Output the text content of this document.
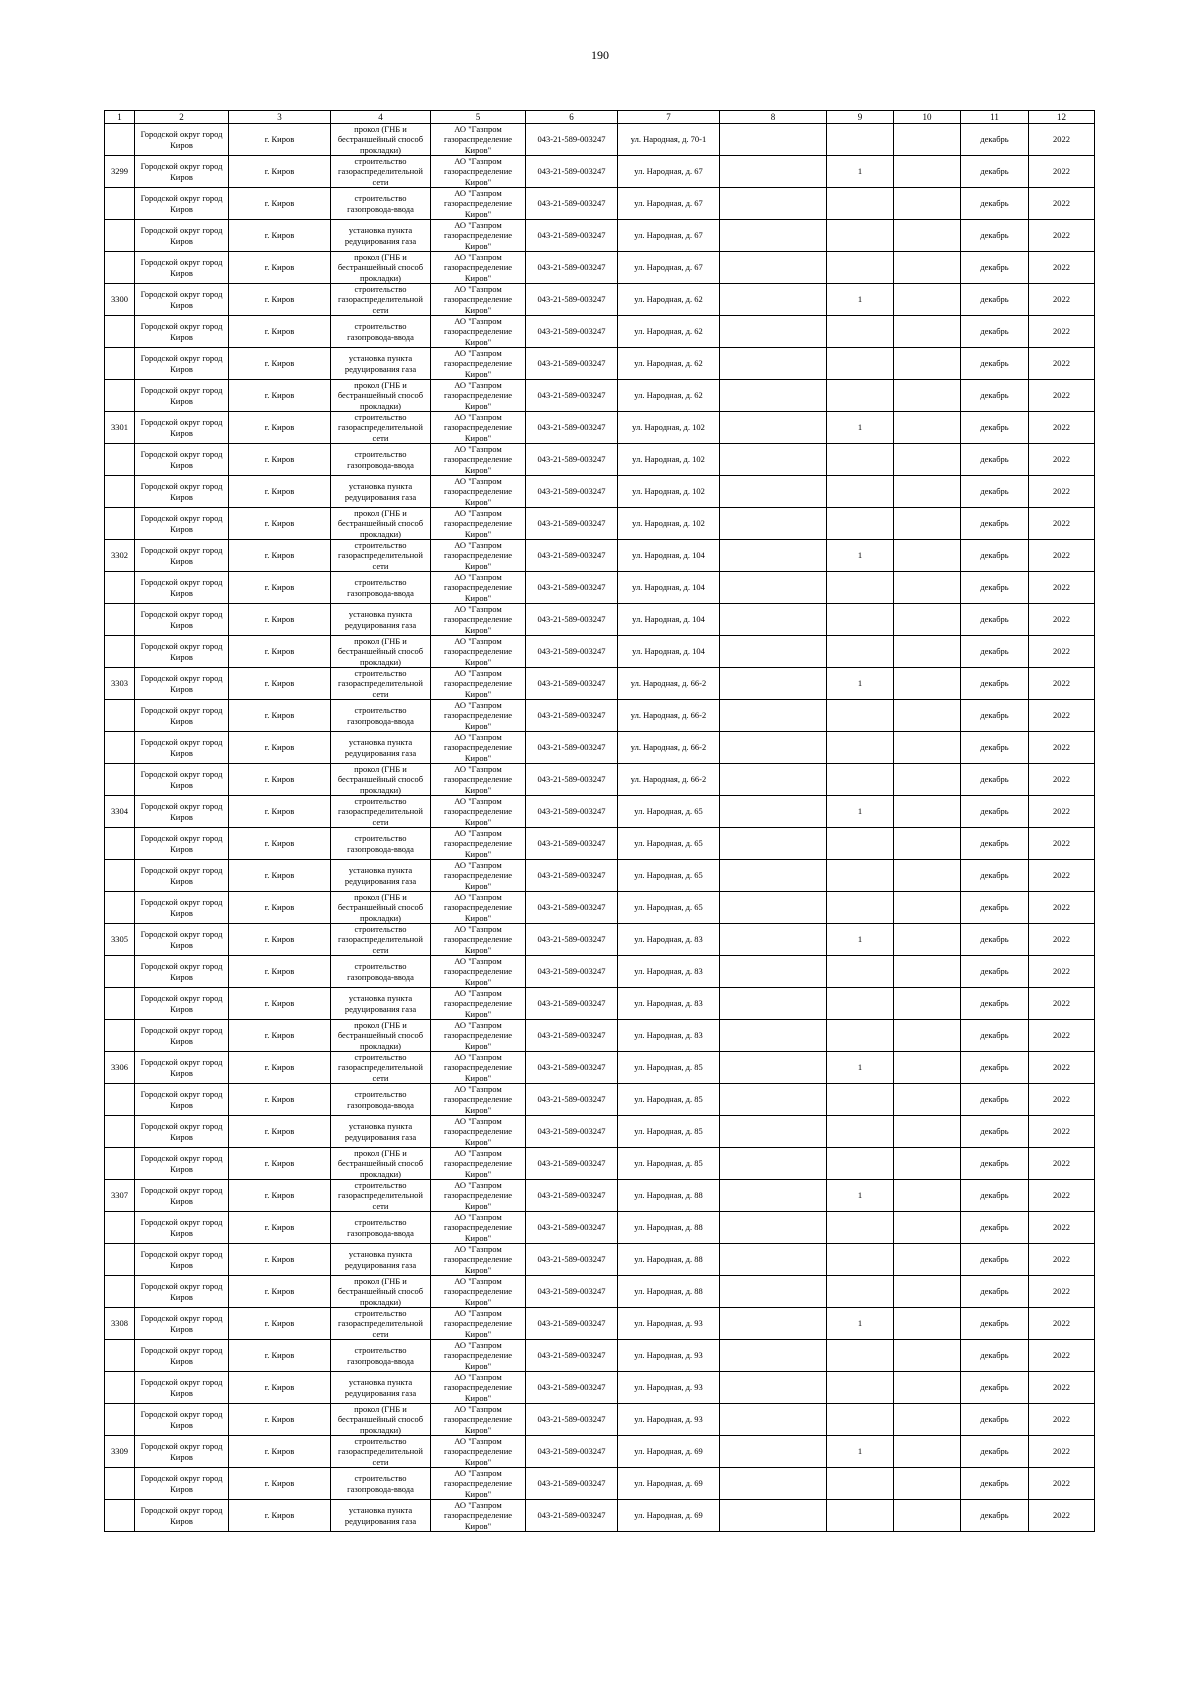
190
1	2	3	4	5	6	7	8	9	10	11	12

	Городской округ город Киров	г. Киров	прокол (ГНБ и бестраншейный способ прокладки)	АО "Газпром газораспределение Киров"	043-21-589-003247	ул. Народная, д. 70-1				декабрь	2022

3299	Городской округ город Киров	г. Киров	строительство газораспределительной сети	АО "Газпром газораспределение Киров"	043-21-589-003247	ул. Народная, д. 67		1		декабрь	2022

	Городской округ город Киров	г. Киров	строительство газопровода-ввода	АО "Газпром газораспределение Киров"	043-21-589-003247	ул. Народная, д. 67				декабрь	2022

	Городской округ город Киров	г. Киров	установка пункта редуцирования газа	АО "Газпром газораспределение Киров"	043-21-589-003247	ул. Народная, д. 67				декабрь	2022

	Городской округ город Киров	г. Киров	прокол (ГНБ и бестраншейный способ прокладки)	АО "Газпром газораспределение Киров"	043-21-589-003247	ул. Народная, д. 67				декабрь	2022

3300	Городской округ город Киров	г. Киров	строительство газораспределительной сети	АО "Газпром газораспределение Киров"	043-21-589-003247	ул. Народная, д. 62		1		декабрь	2022

	Городской округ город Киров	г. Киров	строительство газопровода-ввода	АО "Газпром газораспределение Киров"	043-21-589-003247	ул. Народная, д. 62				декабрь	2022

	Городской округ город Киров	г. Киров	установка пункта редуцирования газа	АО "Газпром газораспределение Киров"	043-21-589-003247	ул. Народная, д. 62				декабрь	2022

	Городской округ город Киров	г. Киров	прокол (ГНБ и бестраншейный способ прокладки)	АО "Газпром газораспределение Киров"	043-21-589-003247	ул. Народная, д. 62				декабрь	2022

3301	Городской округ город Киров	г. Киров	строительство газораспределительной сети	АО "Газпром газораспределение Киров"	043-21-589-003247	ул. Народная, д. 102		1		декабрь	2022

	Городской округ город Киров	г. Киров	строительство газопровода-ввода	АО "Газпром газораспределение Киров"	043-21-589-003247	ул. Народная, д. 102				декабрь	2022

	Городской округ город Киров	г. Киров	установка пункта редуцирования газа	АО "Газпром газораспределение Киров"	043-21-589-003247	ул. Народная, д. 102				декабрь	2022

	Городской округ город Киров	г. Киров	прокол (ГНБ и бестраншейный способ прокладки)	АО "Газпром газораспределение Киров"	043-21-589-003247	ул. Народная, д. 102				декабрь	2022

3302	Городской округ город Киров	г. Киров	строительство газораспределительной сети	АО "Газпром газораспределение Киров"	043-21-589-003247	ул. Народная, д. 104		1		декабрь	2022

	Городской округ город Киров	г. Киров	строительство газопровода-ввода	АО "Газпром газораспределение Киров"	043-21-589-003247	ул. Народная, д. 104				декабрь	2022

	Городской округ город Киров	г. Киров	установка пункта редуцирования газа	АО "Газпром газораспределение Киров"	043-21-589-003247	ул. Народная, д. 104				декабрь	2022

	Городской округ город Киров	г. Киров	прокол (ГНБ и бестраншейный способ прокладки)	АО "Газпром газораспределение Киров"	043-21-589-003247	ул. Народная, д. 104				декабрь	2022

3303	Городской округ город Киров	г. Киров	строительство газораспределительной сети	АО "Газпром газораспределение Киров"	043-21-589-003247	ул. Народная, д. 66-2		1		декабрь	2022

	Городской округ город Киров	г. Киров	строительство газопровода-ввода	АО "Газпром газораспределение Киров"	043-21-589-003247	ул. Народная, д. 66-2				декабрь	2022

	Городской округ город Киров	г. Киров	установка пункта редуцирования газа	АО "Газпром газораспределение Киров"	043-21-589-003247	ул. Народная, д. 66-2				декабрь	2022

	Городской округ город Киров	г. Киров	прокол (ГНБ и бестраншейный способ прокладки)	АО "Газпром газораспределение Киров"	043-21-589-003247	ул. Народная, д. 66-2				декабрь	2022

3304	Городской округ город Киров	г. Киров	строительство газораспределительной сети	АО "Газпром газораспределение Киров"	043-21-589-003247	ул. Народная, д. 65		1		декабрь	2022

	Городской округ город Киров	г. Киров	строительство газопровода-ввода	АО "Газпром газораспределение Киров"	043-21-589-003247	ул. Народная, д. 65				декабрь	2022

	Городской округ город Киров	г. Киров	установка пункта редуцирования газа	АО "Газпром газораспределение Киров"	043-21-589-003247	ул. Народная, д. 65				декабрь	2022

	Городской округ город Киров	г. Киров	прокол (ГНБ и бестраншейный способ прокладки)	АО "Газпром газораспределение Киров"	043-21-589-003247	ул. Народная, д. 65				декабрь	2022

3305	Городской округ город Киров	г. Киров	строительство газораспределительной сети	АО "Газпром газораспределение Киров"	043-21-589-003247	ул. Народная, д. 83		1		декабрь	2022

	Городской округ город Киров	г. Киров	строительство газопровода-ввода	АО "Газпром газораспределение Киров"	043-21-589-003247	ул. Народная, д. 83				декабрь	2022

	Городской округ город Киров	г. Киров	установка пункта редуцирования газа	АО "Газпром газораспределение Киров"	043-21-589-003247	ул. Народная, д. 83				декабрь	2022

	Городской округ город Киров	г. Киров	прокол (ГНБ и бестраншейный способ прокладки)	АО "Газпром газораспределение Киров"	043-21-589-003247	ул. Народная, д. 83				декабрь	2022

3306	Городской округ город Киров	г. Киров	строительство газораспределительной сети	АО "Газпром газораспределение Киров"	043-21-589-003247	ул. Народная, д. 85		1		декабрь	2022

	Городской округ город Киров	г. Киров	строительство газопровода-ввода	АО "Газпром газораспределение Киров"	043-21-589-003247	ул. Народная, д. 85				декабрь	2022

	Городской округ город Киров	г. Киров	установка пункта редуцирования газа	АО "Газпром газораспределение Киров"	043-21-589-003247	ул. Народная, д. 85				декабрь	2022

	Городской округ город Киров	г. Киров	прокол (ГНБ и бестраншейный способ прокладки)	АО "Газпром газораспределение Киров"	043-21-589-003247	ул. Народная, д. 85				декабрь	2022

3307	Городской округ город Киров	г. Киров	строительство газораспределительной сети	АО "Газпром газораспределение Киров"	043-21-589-003247	ул. Народная, д. 88		1		декабрь	2022

	Городской округ город Киров	г. Киров	строительство газопровода-ввода	АО "Газпром газораспределение Киров"	043-21-589-003247	ул. Народная, д. 88				декабрь	2022

	Городской округ город Киров	г. Киров	установка пункта редуцирования газа	АО "Газпром газораспределение Киров"	043-21-589-003247	ул. Народная, д. 88				декабрь	2022

	Городской округ город Киров	г. Киров	прокол (ГНБ и бестраншейный способ прокладки)	АО "Газпром газораспределение Киров"	043-21-589-003247	ул. Народная, д. 88				декабрь	2022

3308	Городской округ город Киров	г. Киров	строительство газораспределительной сети	АО "Газпром газораспределение Киров"	043-21-589-003247	ул. Народная, д. 93		1		декабрь	2022

	Городской округ город Киров	г. Киров	строительство газопровода-ввода	АО "Газпром газораспределение Киров"	043-21-589-003247	ул. Народная, д. 93				декабрь	2022

	Городской округ город Киров	г. Киров	установка пункта редуцирования газа	АО "Газпром газораспределение Киров"	043-21-589-003247	ул. Народная, д. 93				декабрь	2022

	Городской округ город Киров	г. Киров	прокол (ГНБ и бестраншейный способ прокладки)	АО "Газпром газораспределение Киров"	043-21-589-003247	ул. Народная, д. 93				декабрь	2022

3309	Городской округ город Киров	г. Киров	строительство газораспределительной сети	АО "Газпром газораспределение Киров"	043-21-589-003247	ул. Народная, д. 69		1		декабрь	2022

	Городской округ город Киров	г. Киров	строительство газопровода-ввода	АО "Газпром газораспределение Киров"	043-21-589-003247	ул. Народная, д. 69				декабрь	2022

	Городской округ город Киров	г. Киров	установка пункта редуцирования газа	АО "Газпром газораспределение Киров"	043-21-589-003247	ул. Народная, д. 69				декабрь	2022
